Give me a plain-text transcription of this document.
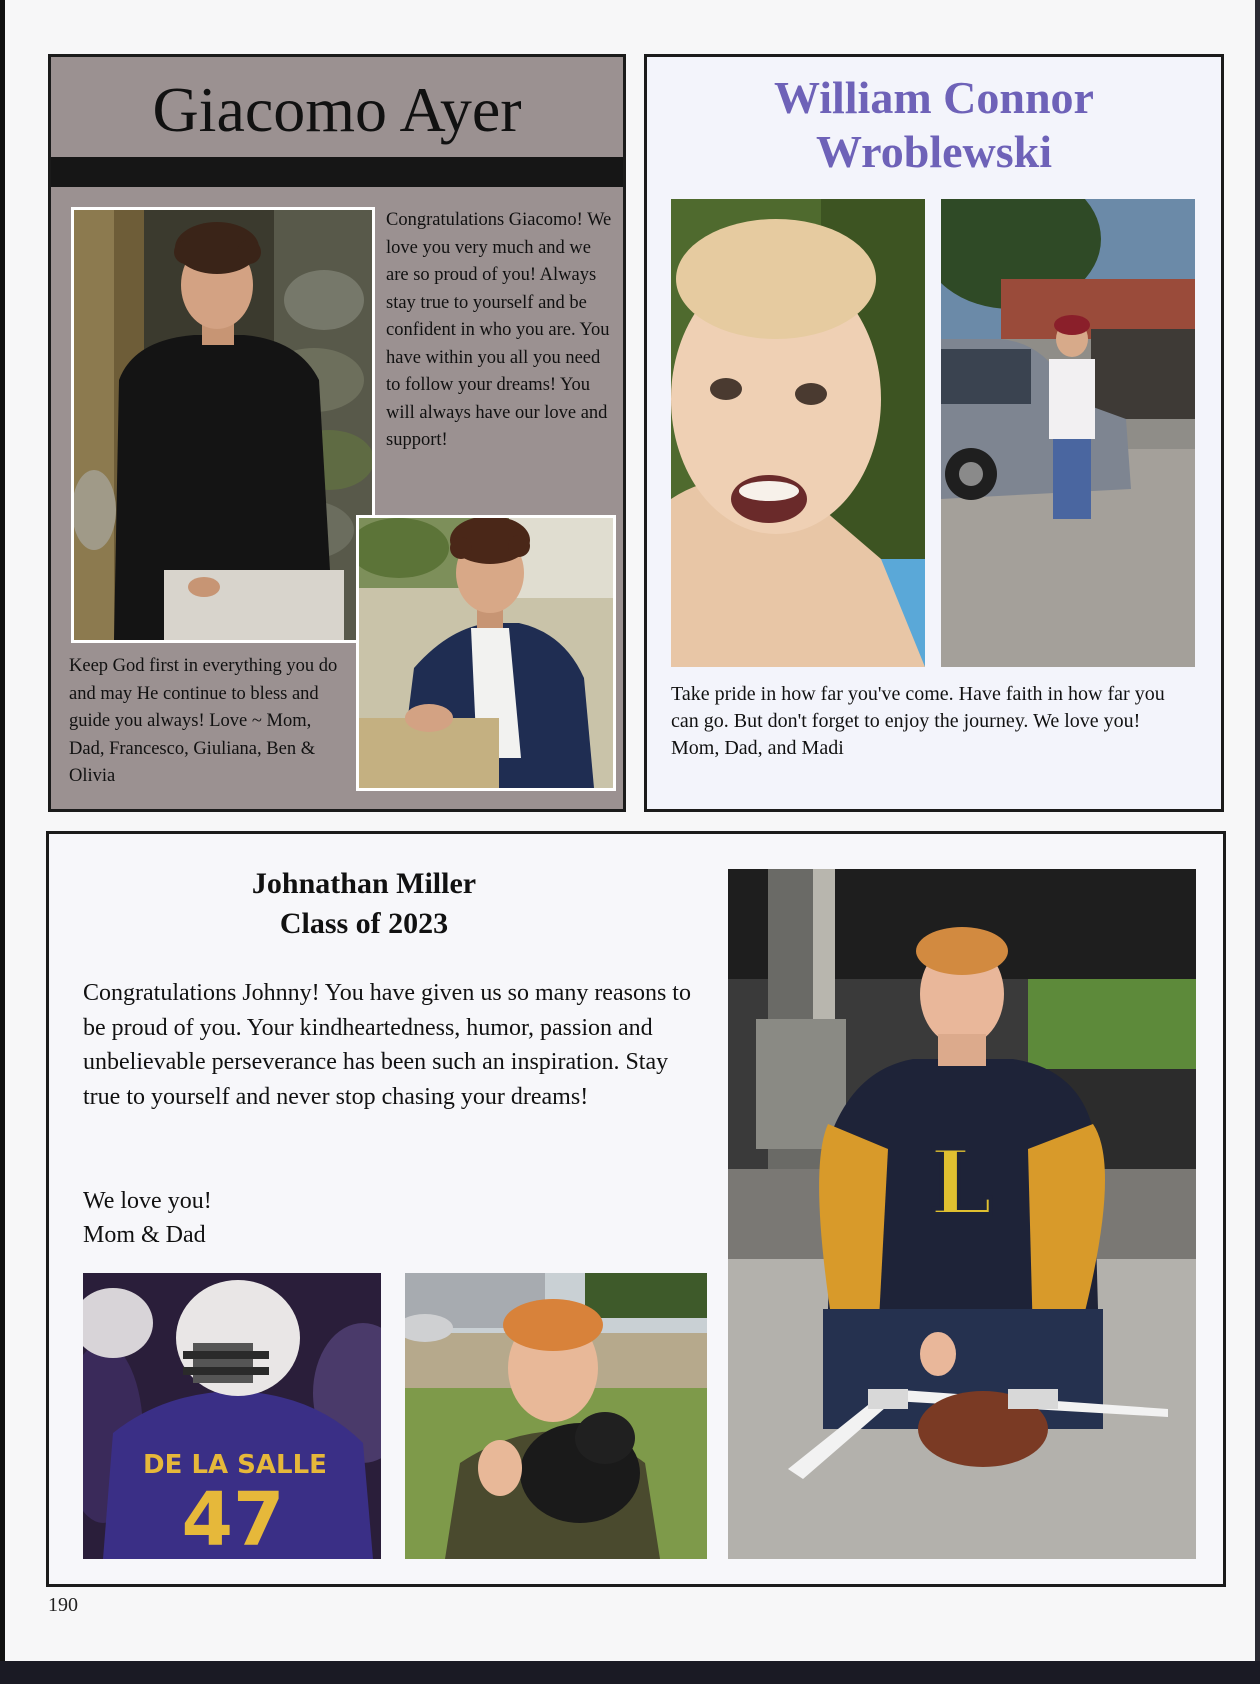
Giacomo Ayer
Congratulations Giacomo! We love you very much and we are so proud of you! Always stay true to yourself and be confident in who you are. You have within you all you need to follow your dreams! You will always have our love and support!
Keep God first in everything you do and may He continue to bless and guide you always! Love ~ Mom, Dad, Francesco, Giuliana, Ben & Olivia
William Connor
Wroblewski
Take pride in how far you've come. Have faith in how far you can go. But don't forget to enjoy the journey. We love you! Mom, Dad, and Madi
Johnathan Miller
Class of 2023
Congratulations Johnny! You have given us so many reasons to be proud of you. Your kindheartedness, humor, passion and unbelievable perseverance has been such an inspiration. Stay true to yourself and never stop chasing your dreams!
We love you!
Mom & Dad
DE LA SALLE
47
L
190
